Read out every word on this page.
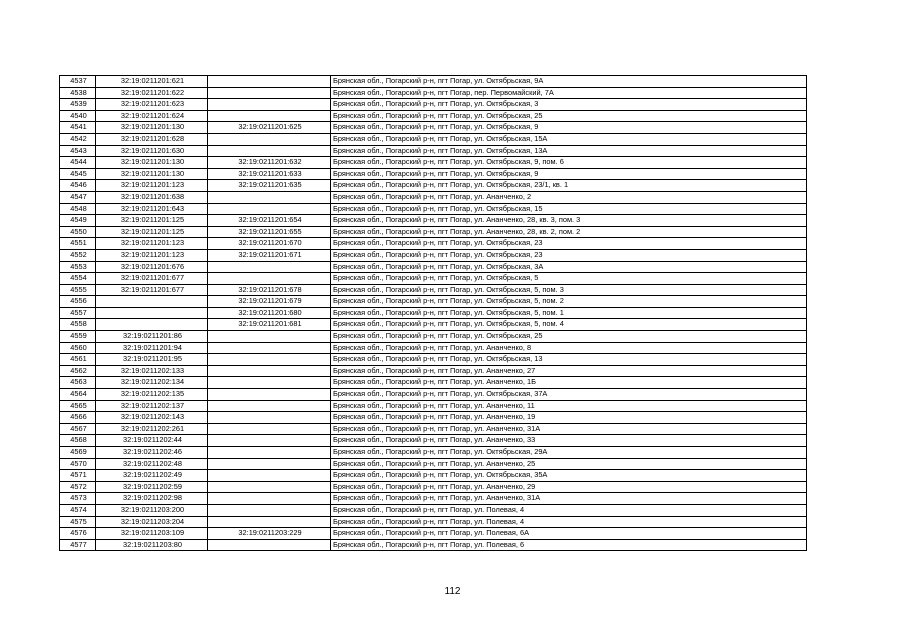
4537	32:19:0211201:621		Брянская обл., Погарский р-н, пгт Погар, ул. Октябрьская, 9А
4538	32:19:0211201:622		Брянская обл., Погарский р-н, пгт Погар, пер. Первомайский, 7А
4539	32:19:0211201:623		Брянская обл., Погарский р-н, пгт Погар, ул. Октябрьская, 3
4540	32:19:0211201:624		Брянская обл., Погарский р-н, пгт Погар, ул. Октябрьская, 25
4541	32:19:0211201:130	32:19:0211201:625	Брянская обл., Погарский р-н, пгт Погар, ул. Октябрьская, 9
4542	32:19:0211201:628		Брянская обл., Погарский р-н, пгт Погар, ул. Октябрьская, 15А
4543	32:19:0211201:630		Брянская обл., Погарский р-н, пгт Погар, ул. Октябрьская, 13А
4544	32:19:0211201:130	32:19:0211201:632	Брянская обл., Погарский р-н, пгт Погар, ул. Октябрьская, 9, пом. 6
4545	32:19:0211201:130	32:19:0211201:633	Брянская обл., Погарский р-н, пгт Погар, ул. Октябрьская, 9
4546	32:19:0211201:123	32:19:0211201:635	Брянская обл., Погарский р-н, пгт Погар, ул. Октябрьская, 23/1, кв. 1
4547	32:19:0211201:638		Брянская обл., Погарский р-н, пгт Погар, ул. Ананченко, 2
4548	32:19:0211201:643		Брянская обл., Погарский р-н, пгт Погар, ул. Октябрьская, 15
4549	32:19:0211201:125	32:19:0211201:654	Брянская обл., Погарский р-н, пгт Погар, ул. Ананченко, 28, кв. 3, пом. 3
4550	32:19:0211201:125	32:19:0211201:655	Брянская обл., Погарский р-н, пгт Погар, ул. Ананченко, 28, кв. 2, пом. 2
4551	32:19:0211201:123	32:19:0211201:670	Брянская обл., Погарский р-н, пгт Погар, ул. Октябрьская, 23
4552	32:19:0211201:123	32:19:0211201:671	Брянская обл., Погарский р-н, пгт Погар, ул. Октябрьская, 23
4553	32:19:0211201:676		Брянская обл., Погарский р-н, пгт Погар, ул. Октябрьская, 3А
4554	32:19:0211201:677		Брянская обл., Погарский р-н, пгт Погар, ул. Октябрьская, 5
4555	32:19:0211201:677	32:19:0211201:678	Брянская обл., Погарский р-н, пгт Погар, ул. Октябрьская, 5, пом. 3
4556		32:19:0211201:679	Брянская обл., Погарский р-н, пгт Погар, ул. Октябрьская, 5, пом. 2
4557		32:19:0211201:680	Брянская обл., Погарский р-н, пгт Погар, ул. Октябрьская, 5, пом. 1
4558		32:19:0211201:681	Брянская обл., Погарский р-н, пгт Погар, ул. Октябрьская, 5, пом. 4
4559	32:19:0211201:86		Брянская обл., Погарский р-н, пгт Погар, ул. Октябрьская, 25
4560	32:19:0211201:94		Брянская обл., Погарский р-н, пгт Погар, ул. Ананченко, 8
4561	32:19:0211201:95		Брянская обл., Погарский р-н, пгт Погар, ул. Октябрьская, 13
4562	32:19:0211202:133		Брянская обл., Погарский р-н, пгт Погар, ул. Ананченко, 27
4563	32:19:0211202:134		Брянская обл., Погарский р-н, пгт Погар, ул. Ананченко, 1Б
4564	32:19:0211202:135		Брянская обл., Погарский р-н, пгт Погар, ул. Октябрьская, 37А
4565	32:19:0211202:137		Брянская обл., Погарский р-н, пгт Погар, ул. Ананченко, 11
4566	32:19:0211202:143		Брянская обл., Погарский р-н, пгт Погар, ул. Ананченко, 19
4567	32:19:0211202:261		Брянская обл., Погарский р-н, пгт Погар, ул. Ананченко, 31А
4568	32:19:0211202:44		Брянская обл., Погарский р-н, пгт Погар, ул. Ананченко, 33
4569	32:19:0211202:46		Брянская обл., Погарский р-н, пгт Погар, ул. Октябрьская, 29А
4570	32:19:0211202:48		Брянская обл., Погарский р-н, пгт Погар, ул. Ананченко, 25
4571	32:19:0211202:49		Брянская обл., Погарский р-н, пгт Погар, ул. Октябрьская, 35А
4572	32:19:0211202:59		Брянская обл., Погарский р-н, пгт Погар, ул. Ананченко, 29
4573	32:19:0211202:98		Брянская обл., Погарский р-н, пгт Погар, ул. Ананченко, 31А
4574	32:19:0211203:200		Брянская обл., Погарский р-н, пгт Погар, ул. Полевая, 4
4575	32:19:0211203:204		Брянская обл., Погарский р-н, пгт Погар, ул. Полевая, 4
4576	32:19:0211203:109	32:19:0211203:229	Брянская обл., Погарский р-н, пгт Погар, ул. Полевая, 6А
4577	32:19:0211203:80		Брянская обл., Погарский р-н, пгт Погар, ул. Полевая, 6
112
